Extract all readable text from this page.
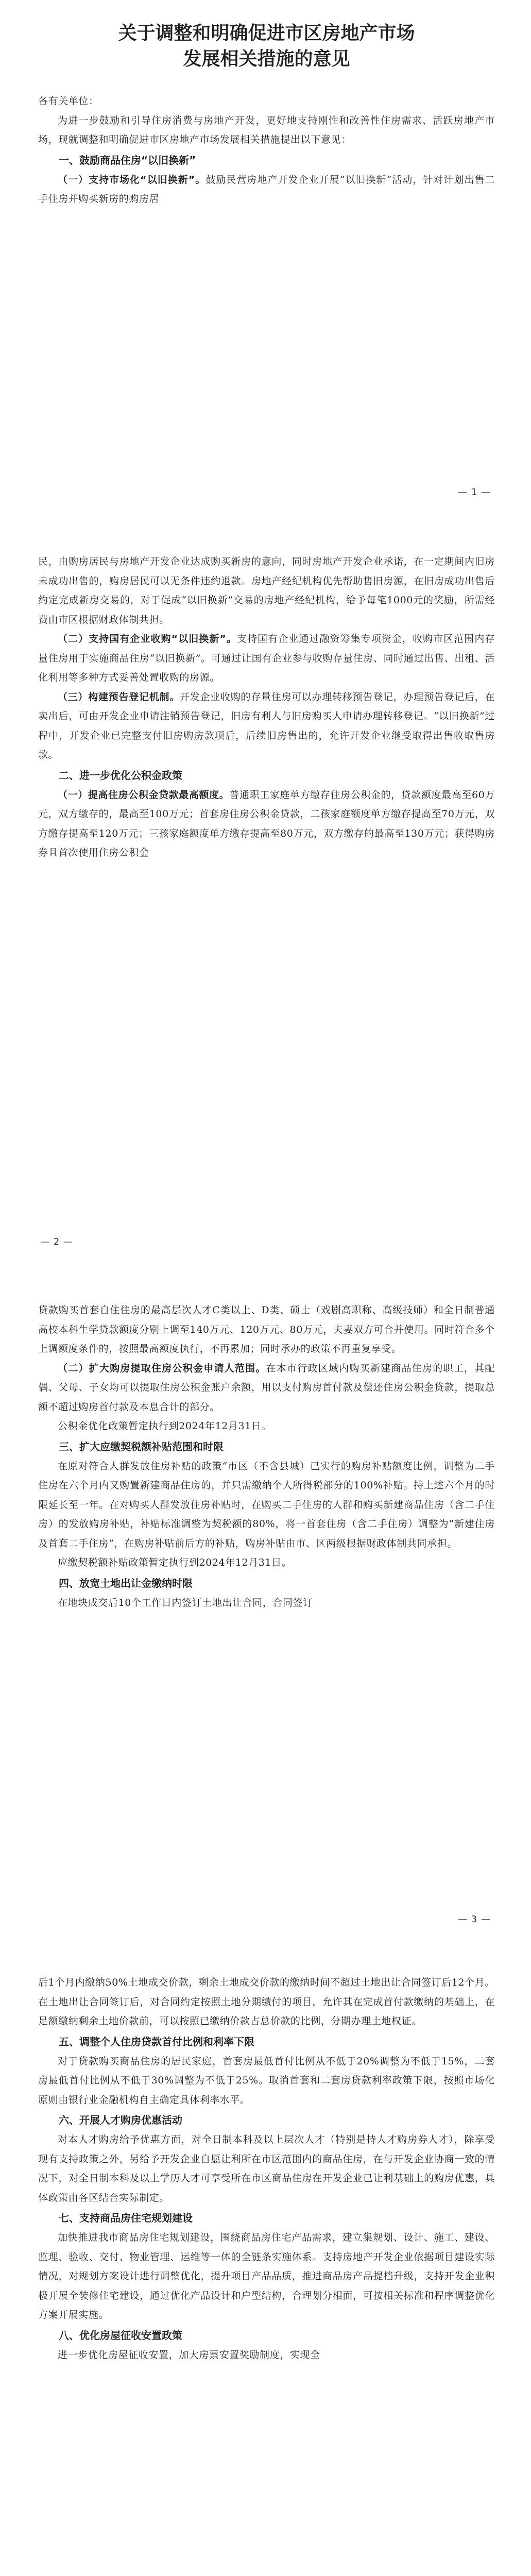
关于调整和明确促进市区房地产市场
发展相关措施的意见

各有关单位：

为进一步鼓励和引导住房消费与房地产开发，更好地支持刚性和改善性住房需求、活跃房地产市场，现就调整和明确促进市区房地产市场发展相关措施提出以下意见：

一、鼓励商品住房“以旧换新”

（一）支持市场化“以旧换新”。鼓励民营房地产开发企业开展“以旧换新”活动，针对计划出售二手住房并购买新房的购房居

— 1 —

民，由购房居民与房地产开发企业达成购买新房的意向，同时房地产开发企业承诺，在一定期间内旧房未成功出售的，购房居民可以无条件违约退款。房地产经纪机构优先帮助售旧房源，在旧房成功出售后约定完成新房交易的，对于促成“以旧换新”交易的房地产经纪机构，给予每笔1000元的奖励，所需经费由市区根据财政体制共担。

（二）支持国有企业收购“以旧换新”。支持国有企业通过融资筹集专项资金，收购市区范围内存量住房用于实施商品住房“以旧换新”。可通过让国有企业参与收购存量住房、同时通过出售、出租、活化利用等多种方式妥善处置收购的房源。

（三）构建预告登记机制。开发企业收购的存量住房可以办理转移预告登记，办理预告登记后，在卖出后，可由开发企业申请注销预告登记，旧房有利人与旧房购买人申请办理转移登记。“以旧换新”过程中，开发企业已完整支付旧房购房款项后，后续旧房售出的，允许开发企业继受取得出售收取售房款。

二、进一步优化公积金政策

（一）提高住房公积金贷款最高额度。普通职工家庭单方缴存住房公积金的，贷款额度最高至60万元，双方缴存的，最高至100万元；首套房住房公积金贷款，二孩家庭额度单方缴存提高至70万元，双方缴存提高至120万元；三孩家庭额度单方缴存提高至80万元，双方缴存的最高至130万元；获得购房券且首次使用住房公积金

— 2 —

贷款购买首套自住住房的最高层次人才C类以上、D类、硕士（戏剧高职称、高级技师）和全日制普通高校本科生学贷款额度分别上调至140万元、120万元、80万元，夫妻双方可合并使用。同时符合多个上调额度条件的，按照最高额度执行，不再累加；同时承办的政策不再重复享受。

（二）扩大购房提取住房公积金申请人范围。在本市行政区域内购买新建商品住房的职工，其配偶、父母、子女均可以提取住房公积金账户余额，用以支付购房首付款及偿还住房公积金贷款，提取总额不超过购房首付款及本息合计的部分。

公积金优化政策暂定执行到2024年12月31日。

三、扩大应缴契税额补贴范围和时限

在原对符合人群发放住房补贴的政策“市区（不含县城）已实行的购房补贴额度比例，调整为二手住房在六个月内又购置新建商品住房的，并只需缴纳个人所得税部分的100%补贴。持上述六个月的时限延长至一年。在对购买人群发放住房补贴时，在购买二手住房的人群和购买新建商品住房（含二手住房）的发放购房补贴，补贴标准调整为契税额的80%，将一首套住房（含二手住房）调整为“新建住房及首套二手住房”，在购房补贴前后方的补贴，购房补贴由市、区两级根据财政体制共同承担。

应缴契税额补贴政策暂定执行到2024年12月31日。

四、放宽土地出让金缴纳时限

在地块成交后10个工作日内签订土地出让合同，合同签订

— 3 —

后1个月内缴纳50%土地成交价款，剩余土地成交价款的缴纳时间不超过土地出让合同签订后12个月。在土地出让合同签订后，对合同约定按照土地分期缴付的项目，允许其在完成首付款缴纳的基础上，在足额缴纳剩余土地价款前，可以按照已缴纳价款占总价款的比例，分期办理土地权证。

五、调整个人住房贷款首付比例和利率下限

对于贷款购买商品住房的居民家庭，首套房最低首付比例从不低于20%调整为不低于15%，二套房最低首付比例从不低于30%调整为不低于25%。取消首套和二套房贷款利率政策下限，按照市场化原则由银行业金融机构自主确定具体利率水平。

六、开展人才购房优惠活动

对本人才购房给予优惠方面，对全日制本科及以上层次人才（特别是持人才购房券人才），除享受现有支持政策之外，另给予开发企业自愿让利所在市区范围内的商品住房，在与开发企业协商一致的情况下，对全日制本科及以上学历人才可享受所在市区商品住房在开发企业已让利基础上的购房优惠，具体政策由各区结合实际制定。

七、支持商品房住宅规划建设

加快推进我市商品房住宅规划建设，围绕商品房住宅产品需求，建立集规划、设计、施工、建设、监理、验收、交付、物业管理、运维等一体的全链条实施体系。支持房地产开发企业依据项目建设实际情况，对规划方案设计进行调整优化，提升项目产品品质，推进商品房产品提档升级，支持开发企业积极开展全装修住宅建设，通过优化产品设计和户型结构，合理划分相面，可按相关标准和程序调整优化方案开展实施。

八、优化房屋征收安置政策

进一步优化房屋征收安置，加大房票安置奖励制度，实现全
